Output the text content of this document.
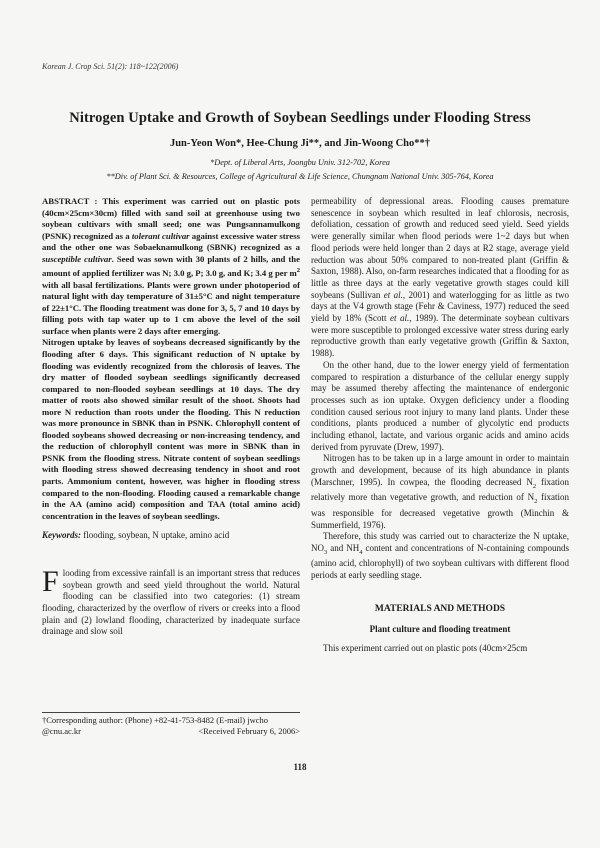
Korean J. Crop Sci. 51(2): 118~122(2006)
Nitrogen Uptake and Growth of Soybean Seedlings under Flooding Stress
Jun-Yeon Won*, Hee-Chung Ji**, and Jin-Woong Cho**†
*Dept. of Liberal Arts, Joongbu Univ. 312-702, Korea
**Div. of Plant Sci. & Resources, College of Agricultural & Life Science, Chungnam National Univ. 305-764, Korea

ABSTRACT : This experiment was carried out on plastic pots (40cm×25cm×30cm) filled with sand soil at greenhouse using two soybean cultivars with small seed; one was Pungsannamulkong (PSNK) recognized as a tolerant cultivar against excessive water stress and the other one was Sobaeknamulkong (SBNK) recognized as a susceptible cultivar. Seed was sown with 30 plants of 2 hills, and the amount of applied fertilizer was N; 3.0 g, P; 3.0 g, and K; 3.4 g per $m^2$ with all basal fertilizations. Plants were grown under photoperiod of natural light with day temperature of 31±5°C and night temperature of 22±1°C. The flooding treatment was done for 3, 5, 7 and 10 days by filling pots with tap water up to 1 cm above the level of the soil surface when plants were 2 days after emerging.

Nitrogen uptake by leaves of soybeans decreased significantly by the flooding after 6 days. This significant reduction of N uptake by flooding was evidently recognized from the chlorosis of leaves. The dry matter of flooded soybean seedlings significantly decreased compared to non-flooded soybean seedlings at 10 days. The dry matter of roots also showed similar result of the shoot. Shoots had more N reduction than roots under the flooding. This N reduction was more pronounce in SBNK than in PSNK. Chlorophyll content of flooded soybeans showed decreasing or non-increasing tendency, and the reduction of chlorophyll content was more in SBNK than in PSNK from the flooding stress. Nitrate content of soybean seedlings with flooding stress showed decreasing tendency in shoot and root parts. Ammonium content, however, was higher in flooding stress compared to the non-flooding. Flooding caused a remarkable change in the AA (amino acid) composition and TAA (total amino acid) concentration in the leaves of soybean seedlings.

Keywords: flooding, soybean, N uptake, amino acid

Flooding from excessive rainfall is an important stress that reduces soybean growth and seed yield throughout the world. Natural flooding can be classified into two categories: (1) stream flooding, characterized by the overflow of rivers or creeks into a flood plain and (2) lowland flooding, characterized by inadequate surface drainage and slow soil

†Corresponding author: (Phone) +82-41-753-8482 (E-mail) jwcho
@cnu.ac.kr	<Received February 6, 2006>

permeability of depressional areas. Flooding causes premature senescence in soybean which resulted in leaf chlorosis, necrosis, defoliation, cessation of growth and reduced seed yield. Seed yields were generally similar when flood periods were 1~2 days but when flood periods were held longer than 2 days at R2 stage, average yield reduction was about 50% compared to non-treated plant (Griffin & Saxton, 1988). Also, on-farm researches indicated that a flooding for as little as three days at the early vegetative growth stages could kill soybeans (Sullivan et al., 2001) and waterlogging for as little as two days at the V4 growth stage (Fehr & Caviness, 1977) reduced the seed yield by 18% (Scott et al., 1989). The determinate soybean cultivars were more susceptible to prolonged excessive water stress during early reproductive growth than early vegetative growth (Griffin & Saxton, 1988).

On the other hand, due to the lower energy yield of fermentation compared to respiration a disturbance of the cellular energy supply may be assumed thereby affecting the maintenance of endergonic processes such as ion uptake. Oxygen deficiency under a flooding condition caused serious root injury to many land plants. Under these conditions, plants produced a number of glycolytic end products including ethanol, lactate, and various organic acids and amino acids derived from pyruvate (Drew, 1997).

Nitrogen has to be taken up in a large amount in order to maintain growth and development, because of its high abundance in plants (Marschner, 1995). In cowpea, the flooding decreased $N_2$ fixation relatively more than vegetative growth, and reduction of $N_2$ fixation was responsible for decreased vegetative growth (Minchin & Summerfield, 1976).

Therefore, this study was carried out to characterize the N uptake, $NO_3$ and $NH_4$ content and concentrations of N-containing compounds (amino acid, chlorophyll) of two soybean cultivars with different flood periods at early seedling stage.

MATERIALS AND METHODS

Plant culture and flooding treatment

This experiment carried out on plastic pots (40cm×25cm

118
